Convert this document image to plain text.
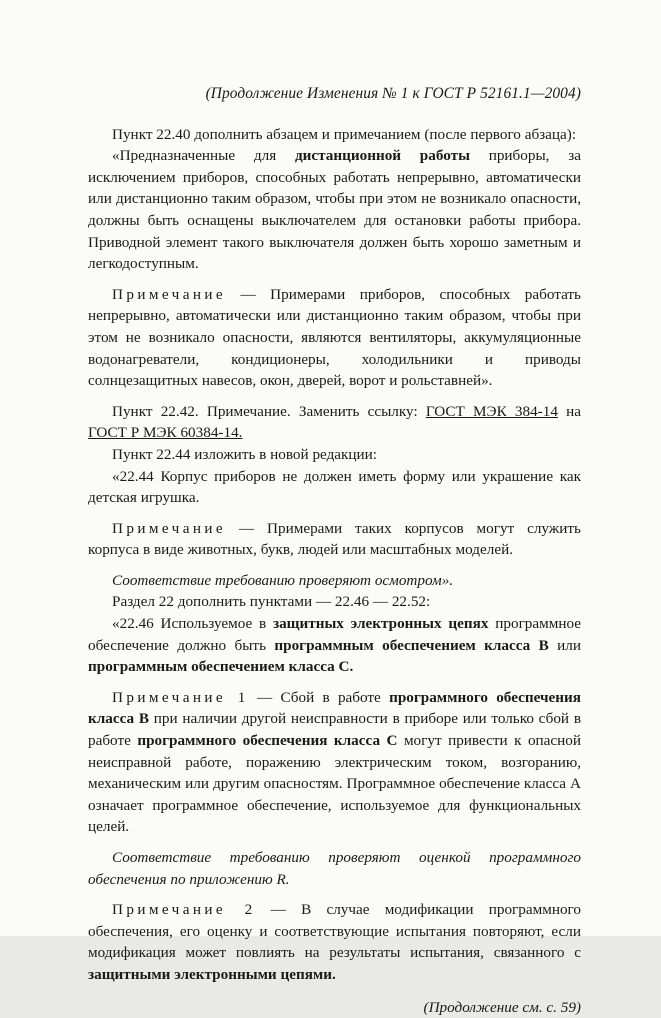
(Продолжение Изменения № 1 к ГОСТ Р 52161.1—2004)

Пункт 22.40 дополнить абзацем и примечанием (после первого абзаца):

«Предназначенные для дистанционной работы приборы, за исключением приборов, способных работать непрерывно, автоматически или дистанционно таким образом, чтобы при этом не возникало опасности, должны быть оснащены выключателем для остановки работы прибора. Приводной элемент такого выключателя должен быть хорошо заметным и легкодоступным.

Примечание — Примерами приборов, способных работать непрерывно, автоматически или дистанционно таким образом, чтобы при этом не возникало опасности, являются вентиляторы, аккумуляционные водонагреватели, кондиционеры, холодильники и приводы солнцезащитных навесов, окон, дверей, ворот и рольставней».

Пункт 22.42. Примечание. Заменить ссылку: ГОСТ МЭК 384-14 на ГОСТ Р МЭК 60384-14.

Пункт 22.44 изложить в новой редакции:

«22.44 Корпус приборов не должен иметь форму или украшение как детская игрушка.

Примечание — Примерами таких корпусов могут служить корпуса в виде животных, букв, людей или масштабных моделей.

Соответствие требованию проверяют осмотром».

Раздел 22 дополнить пунктами — 22.46 — 22.52:

«22.46 Используемое в защитных электронных цепях программное обеспечение должно быть программным обеспечением класса В или программным обеспечением класса С.

Примечание 1 — Сбой в работе программного обеспечения класса В при наличии другой неисправности в приборе или только сбой в работе программного обеспечения класса С могут привести к опасной неисправной работе, поражению электрическим током, возгоранию, механическим или другим опасностям. Программное обеспечение класса А означает программное обеспечение, используемое для функциональных целей.

Соответствие требованию проверяют оценкой программного обеспечения по приложению R.

Примечание 2 — В случае модификации программного обеспечения, его оценку и соответствующие испытания повторяют, если модификация может повлиять на результаты испытания, связанного с защитными электронными цепями.

(Продолжение см. с. 59)
